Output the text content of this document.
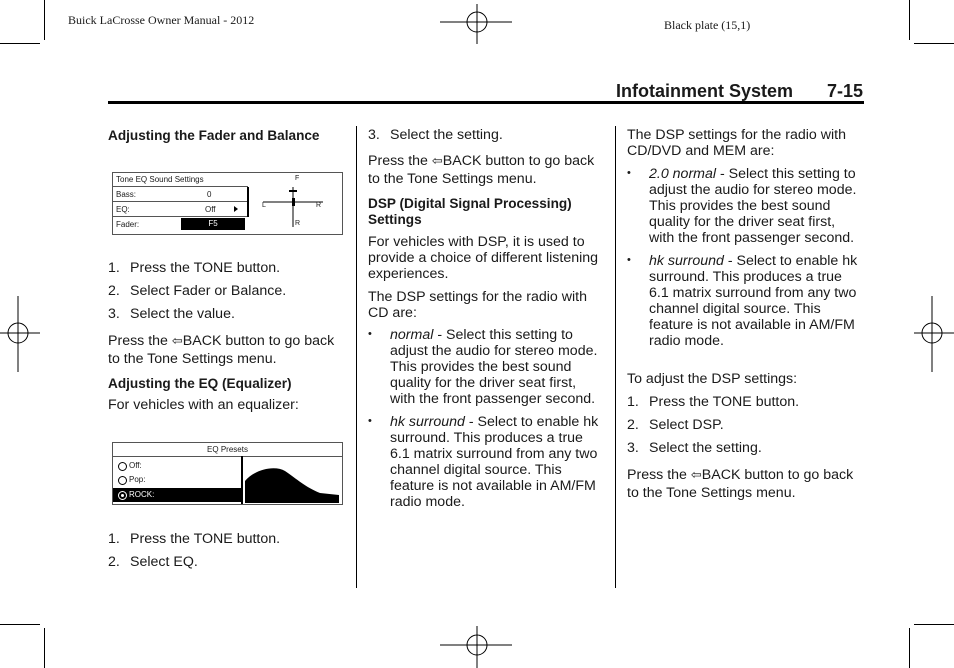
Buick LaCrosse Owner Manual - 2012	Black plate (15,1)
Infotainment System 7-15
Adjusting the Fader and Balance
Tone EQ Sound Settings
Bass:	0
EQ:	Off
Fader:	F5
F
L	R
R
1. Press the TONE button.
2. Select Fader or Balance.
3. Select the value.

Press the ⇦BACK button to go back to the Tone Settings menu.

Adjusting the EQ (Equalizer)
For vehicles with an equalizer:
EQ Presets
Off:
Pop:
ROCK:
1. Press the TONE button.
2. Select EQ.
3. Select the setting.

Press the ⇦BACK button to go back to the Tone Settings menu.

DSP (Digital Signal Processing) Settings

For vehicles with DSP, it is used to provide a choice of different listening experiences.

The DSP settings for the radio with CD are:

•	normal - Select this setting to adjust the audio for stereo mode. This provides the best sound quality for the driver seat first, with the front passenger second.
•	hk surround - Select to enable hk surround. This produces a true 6.1 matrix surround from any two channel digital source. This feature is not available in AM/FM radio mode.

The DSP settings for the radio with CD/DVD and MEM are:

•	2.0 normal - Select this setting to adjust the audio for stereo mode. This provides the best sound quality for the driver seat first, with the front passenger second.
•	hk surround - Select to enable hk surround. This produces a true 6.1 matrix surround from any two channel digital source. This feature is not available in AM/FM radio mode.

To adjust the DSP settings:

1. Press the TONE button.
2. Select DSP.
3. Select the setting.

Press the ⇦BACK button to go back to the Tone Settings menu.
